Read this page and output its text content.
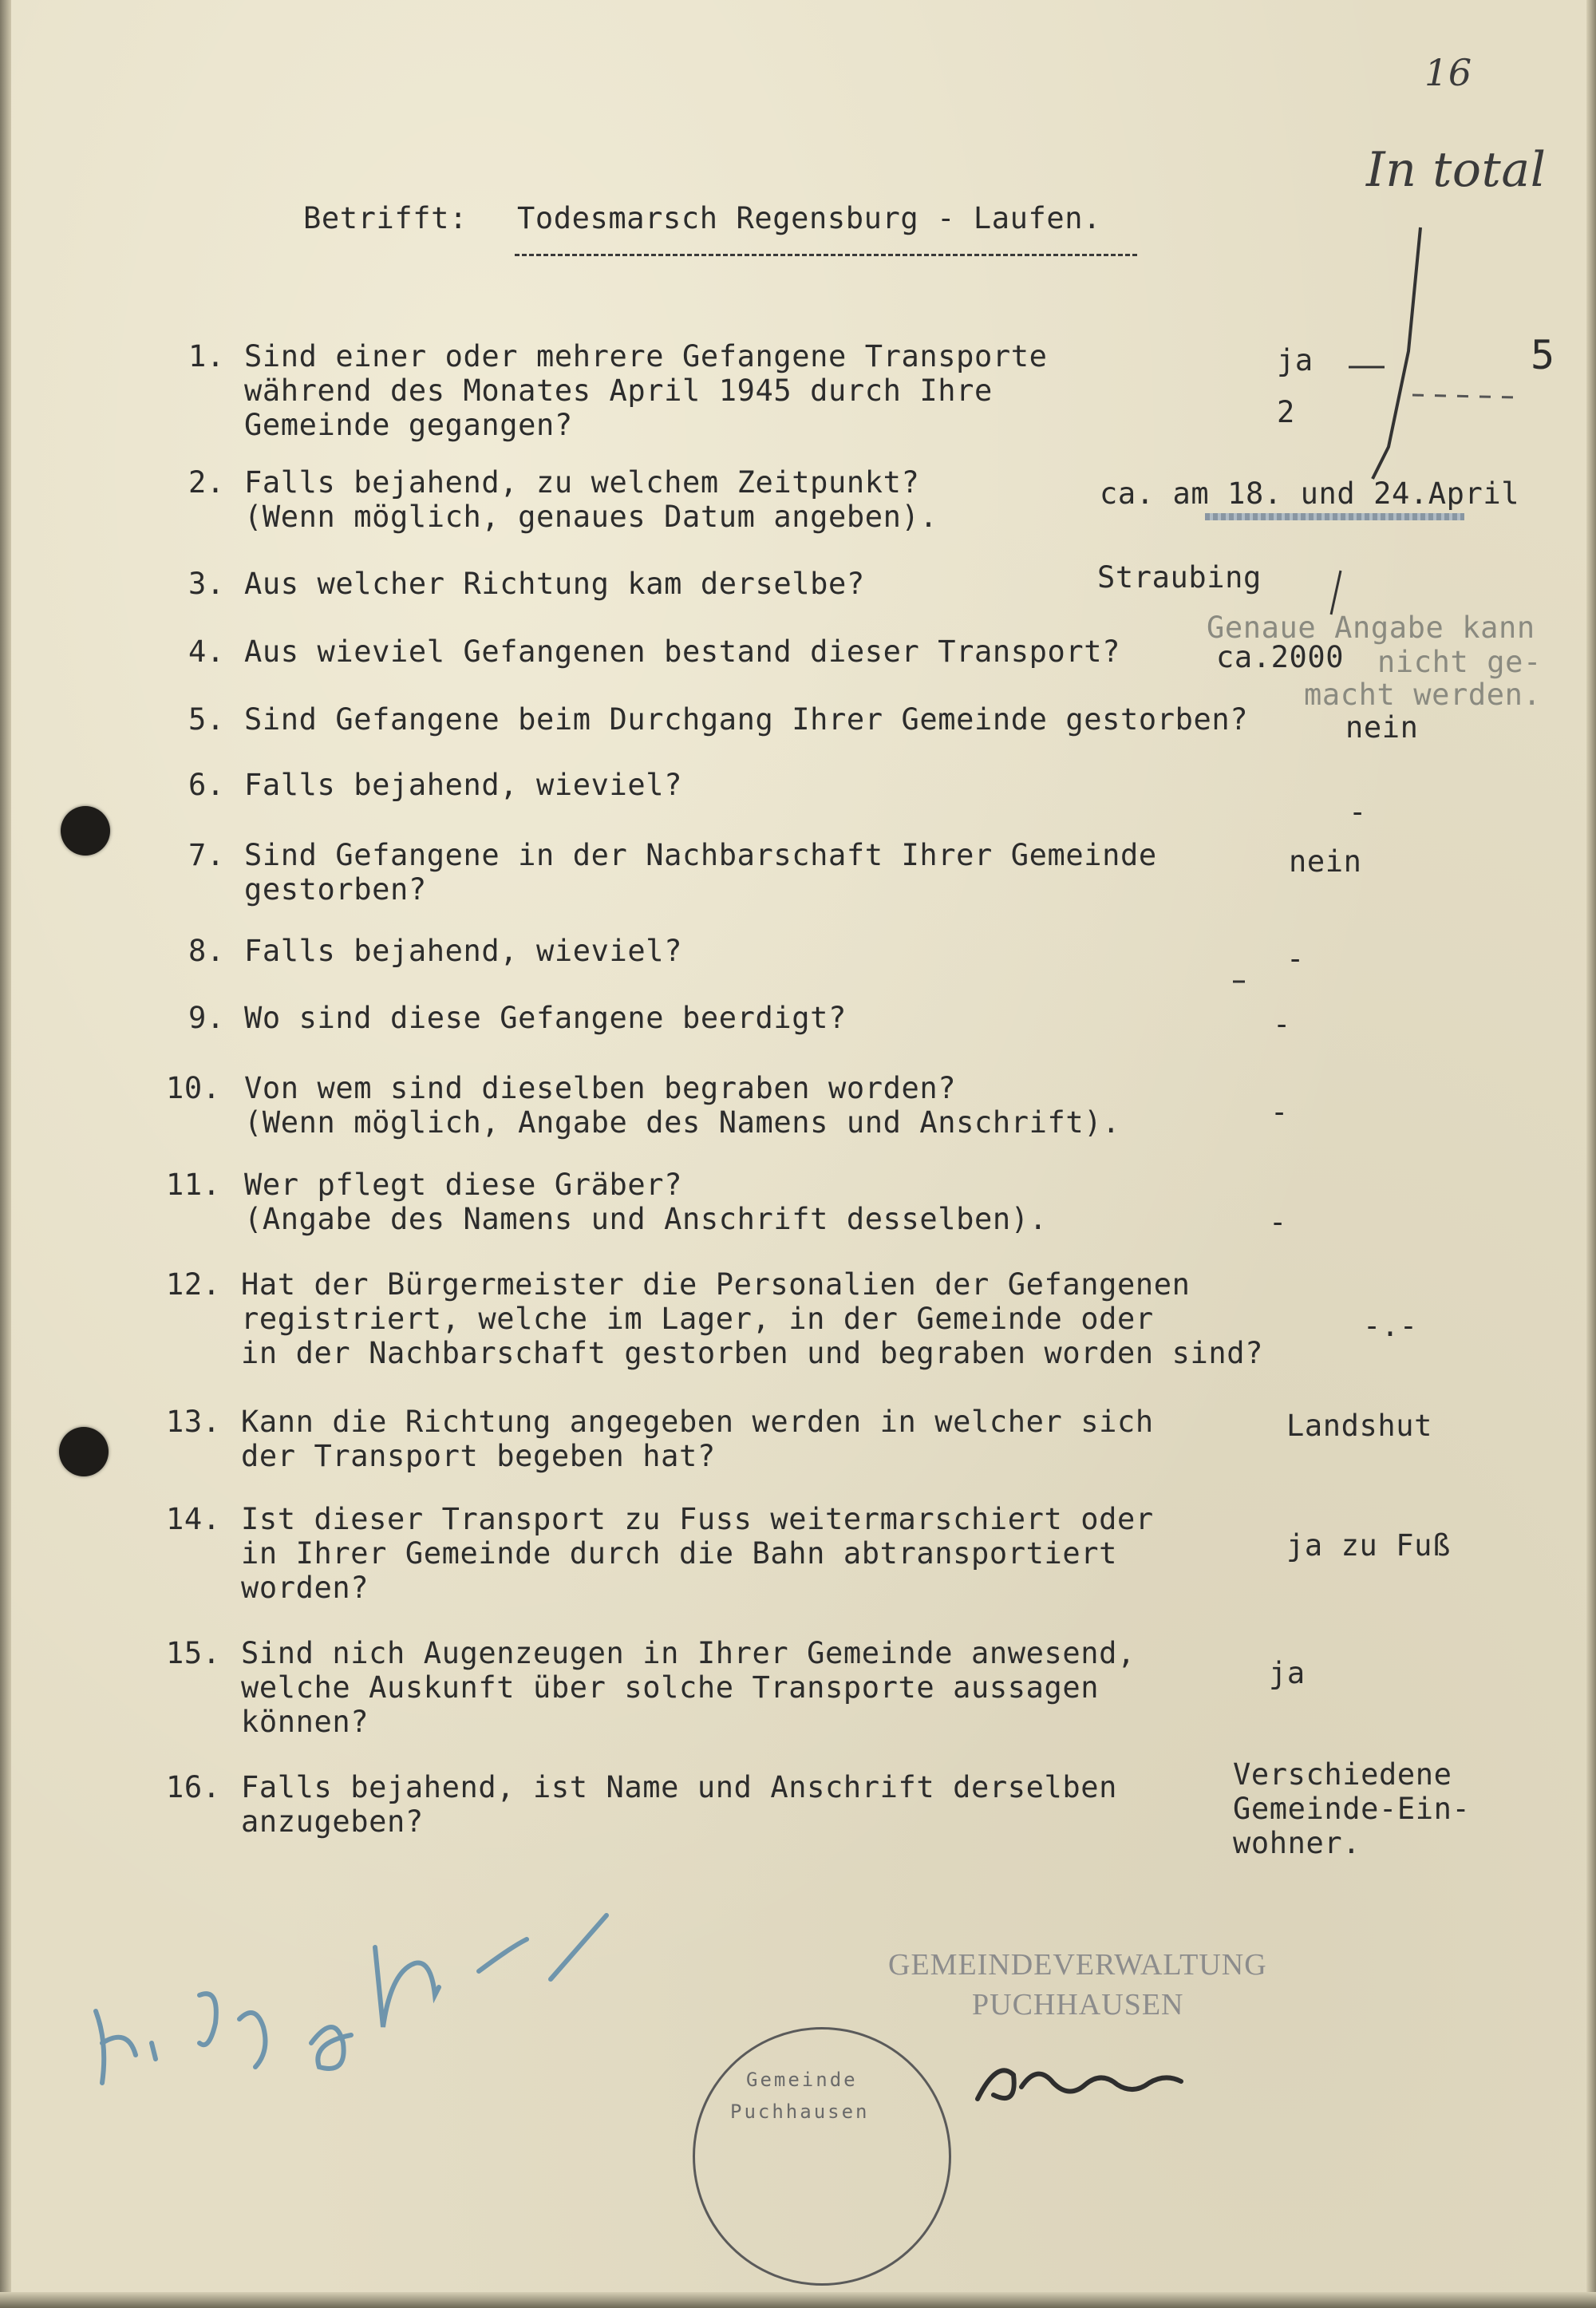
16
In total
Betrifft: Todesmarsch Regensburg - Laufen.
1. Sind einer oder mehrere Gefangene Transporte
während des Monates April 1945 durch Ihre
Gemeinde gegangen?
ja
2
5
2. Falls bejahend, zu welchem Zeitpunkt?
(Wenn möglich, genaues Datum angeben).
ca. am 18. und 24.April
3. Aus welcher Richtung kam derselbe?	Straubing
4. Aus wieviel Gefangenen bestand dieser Transport?	ca.2000
Genaue Angabe kann
nicht ge-
macht werden.
5. Sind Gefangene beim Durchgang Ihrer Gemeinde gestorben?	nein
6. Falls bejahend, wieviel?
-
7. Sind Gefangene in der Nachbarschaft Ihrer Gemeinde
gestorben?
nein
8. Falls bejahend, wieviel?	-
9. Wo sind diese Gefangene beerdigt?	-
10. Von wem sind dieselben begraben worden?
(Wenn möglich, Angabe des Namens und Anschrift).	-
11. Wer pflegt diese Gräber?
(Angabe des Namens und Anschrift desselben).	-
12. Hat der Bürgermeister die Personalien der Gefangenen
registriert, welche im Lager, in der Gemeinde oder
in der Nachbarschaft gestorben und begraben worden sind?
-.-
13. Kann die Richtung angegeben werden in welcher sich
der Transport begeben hat?
Landshut
14. Ist dieser Transport zu Fuss weitermarschiert oder
in Ihrer Gemeinde durch die Bahn abtransportiert
worden?
ja zu Fuß
15. Sind nich Augenzeugen in Ihrer Gemeinde anwesend,
welche Auskunft über solche Transporte aussagen
können?
ja
16. Falls bejahend, ist Name und Anschrift derselben
anzugeben?
Verschiedene
Gemeinde-Ein-
wohner.
GEMEINDEVERWALTUNG
PUCHHAUSEN
Gemeinde
Puchhausen
